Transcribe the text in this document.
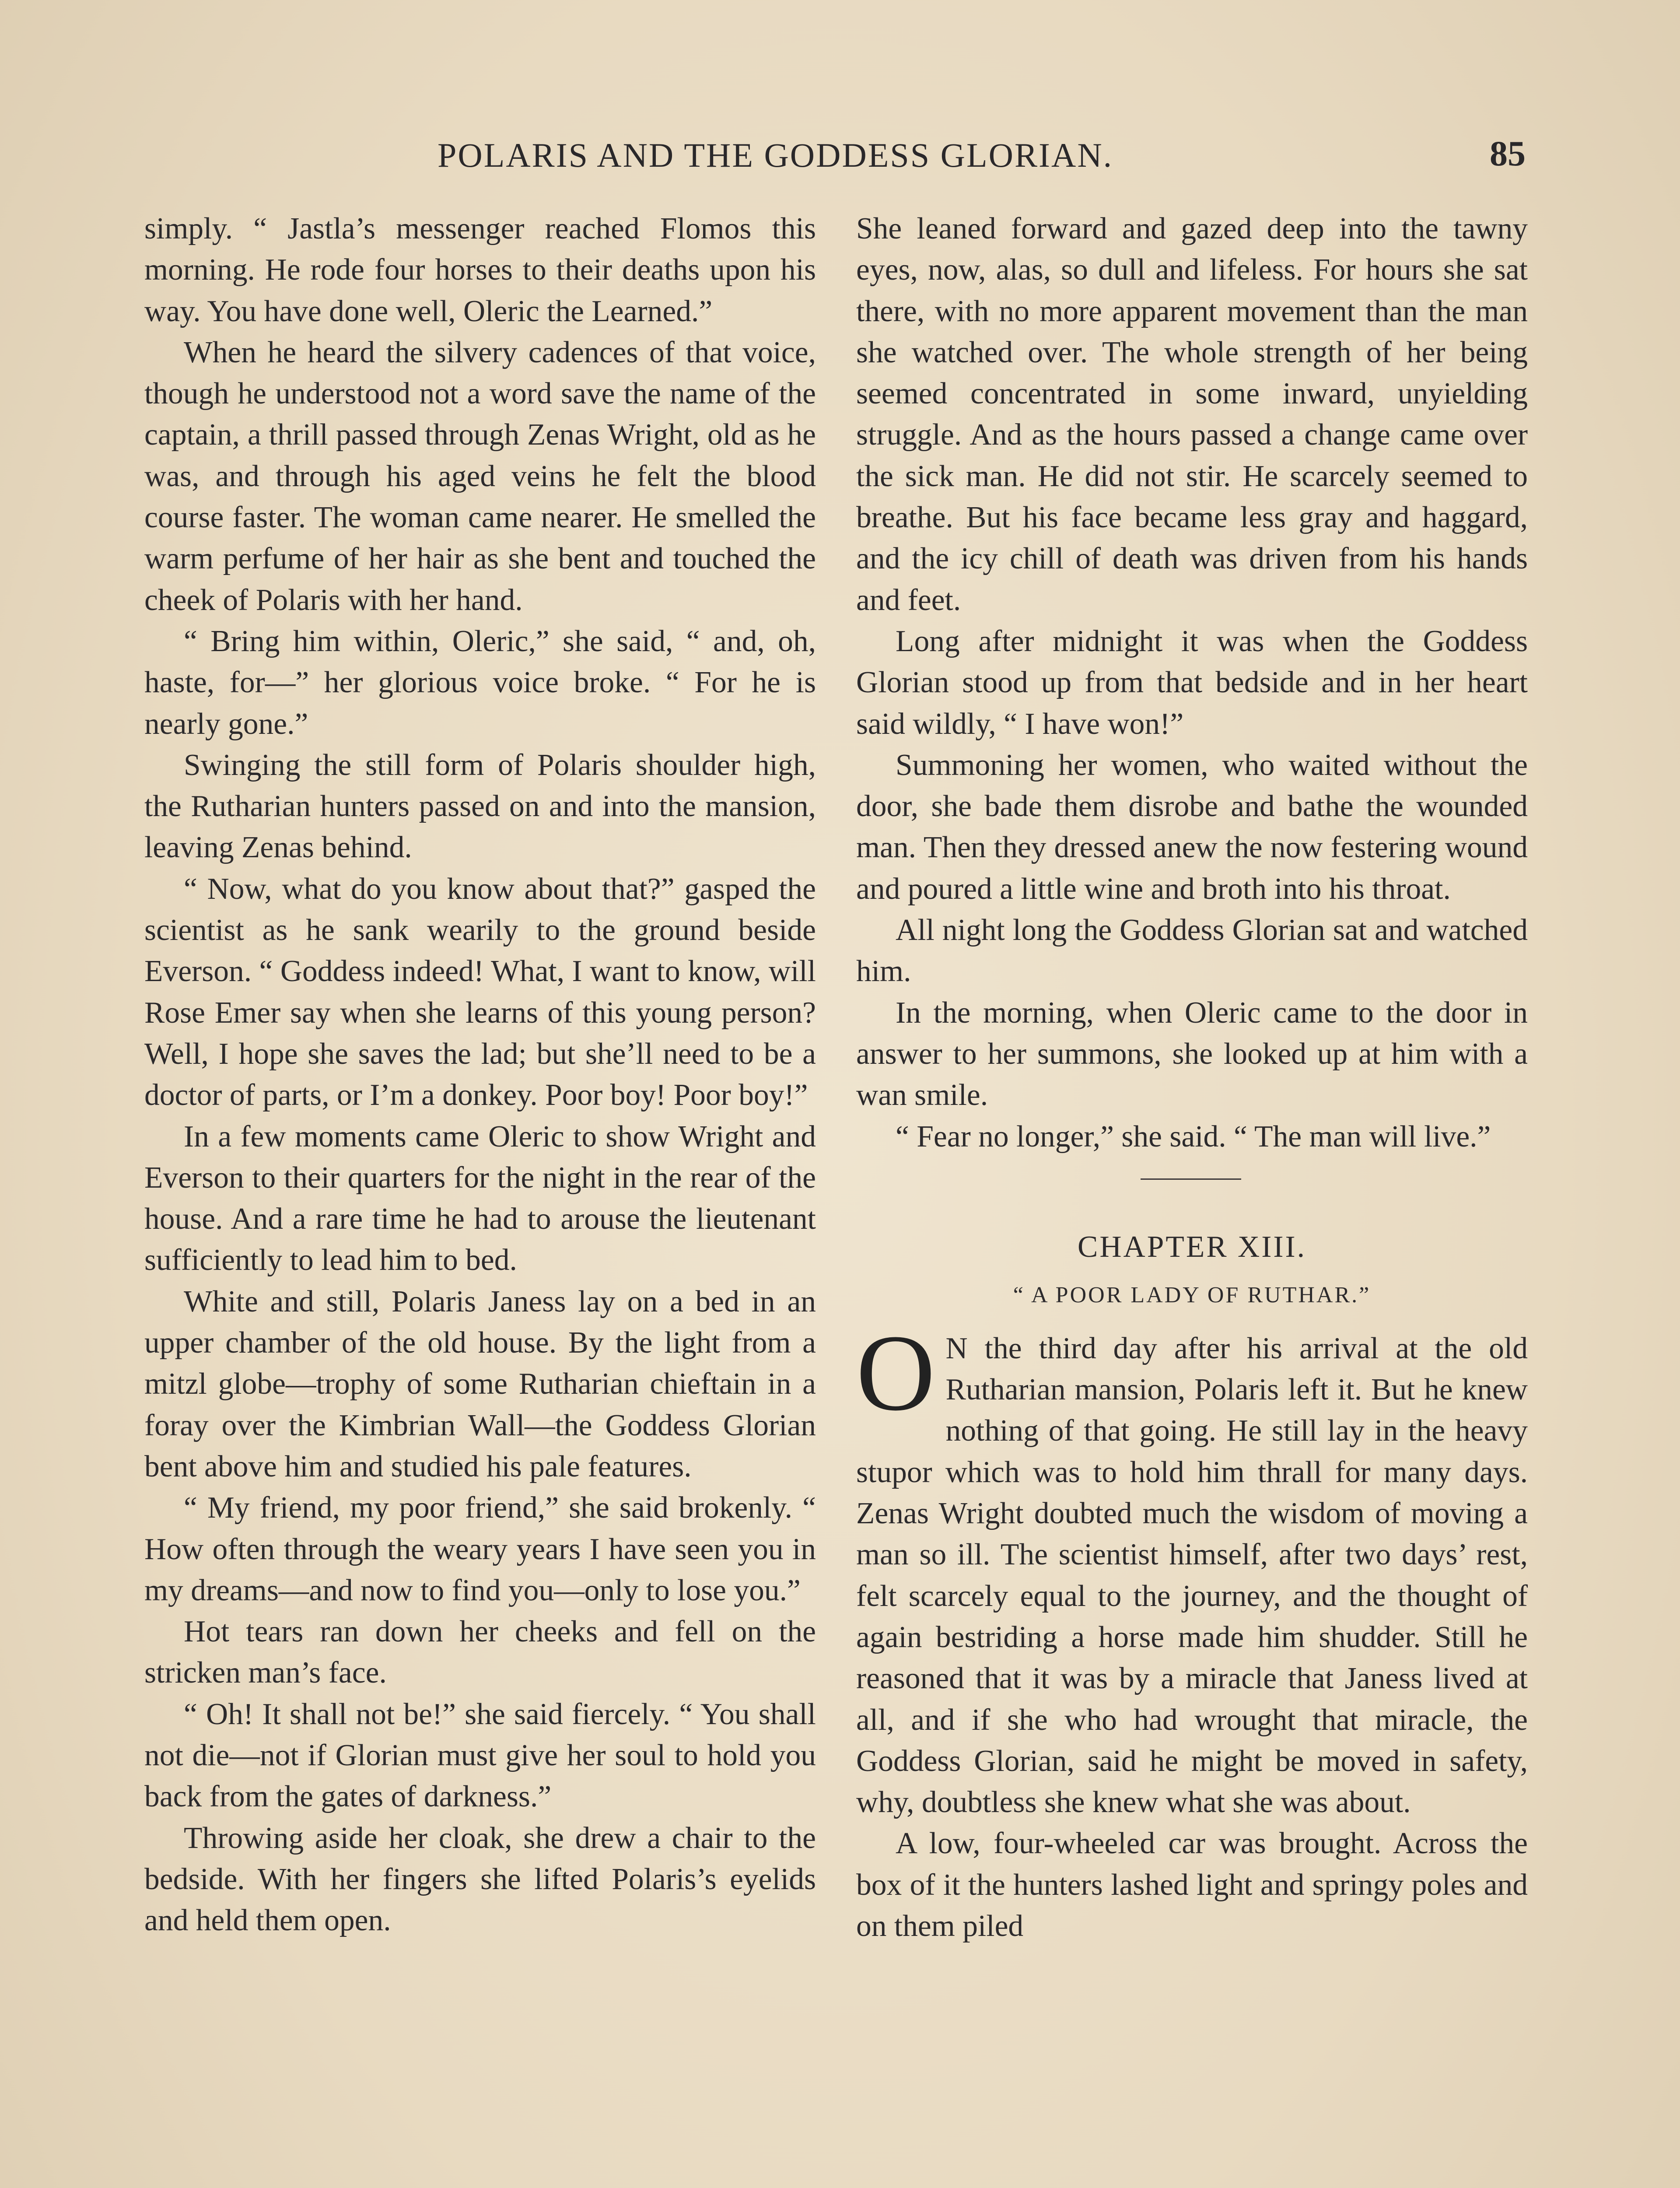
POLARIS AND THE GODDESS GLORIAN.	85

simply. “ Jastla’s messenger reached Flomos this morning. He rode four horses to their deaths upon his way. You have done well, Oleric the Learned.”

When he heard the silvery cadences of that voice, though he understood not a word save the name of the captain, a thrill passed through Zenas Wright, old as he was, and through his aged veins he felt the blood course faster. The woman came nearer. He smelled the warm perfume of her hair as she bent and touched the cheek of Polaris with her hand.

“ Bring him within, Oleric,” she said, “ and, oh, haste, for—” her glorious voice broke. “ For he is nearly gone.”

Swinging the still form of Polaris shoulder high, the Rutharian hunters passed on and into the mansion, leaving Zenas behind.

“ Now, what do you know about that?” gasped the scientist as he sank wearily to the ground beside Everson. “ Goddess indeed! What, I want to know, will Rose Emer say when she learns of this young person? Well, I hope she saves the lad; but she’ll need to be a doctor of parts, or I’m a donkey. Poor boy! Poor boy!”

In a few moments came Oleric to show Wright and Everson to their quarters for the night in the rear of the house. And a rare time he had to arouse the lieutenant sufficiently to lead him to bed.

White and still, Polaris Janess lay on a bed in an upper chamber of the old house. By the light from a mitzl globe—trophy of some Rutharian chieftain in a foray over the Kimbrian Wall—the Goddess Glorian bent above him and studied his pale features.

“ My friend, my poor friend,” she said brokenly. “ How often through the weary years I have seen you in my dreams—and now to find you—only to lose you.”

Hot tears ran down her cheeks and fell on the stricken man’s face.

“ Oh! It shall not be!” she said fiercely. “ You shall not die—not if Glorian must give her soul to hold you back from the gates of darkness.”

Throwing aside her cloak, she drew a chair to the bedside. With her fingers she lifted Polaris’s eyelids and held them open.

She leaned forward and gazed deep into the tawny eyes, now, alas, so dull and lifeless. For hours she sat there, with no more apparent movement than the man she watched over. The whole strength of her being seemed concentrated in some inward, unyielding struggle. And as the hours passed a change came over the sick man. He did not stir. He scarcely seemed to breathe. But his face became less gray and haggard, and the icy chill of death was driven from his hands and feet.

Long after midnight it was when the Goddess Glorian stood up from that bedside and in her heart said wildly, “ I have won!”

Summoning her women, who waited without the door, she bade them disrobe and bathe the wounded man. Then they dressed anew the now festering wound and poured a little wine and broth into his throat.

All night long the Goddess Glorian sat and watched him.

In the morning, when Oleric came to the door in answer to her summons, she looked up at him with a wan smile.

“ Fear no longer,” she said. “ The man will live.”

CHAPTER XIII.
“ A POOR LADY OF RUTHAR.”

O N the third day after his arrival at the old Rutharian mansion, Polaris left it. But he knew nothing of that going. He still lay in the heavy stupor which was to hold him thrall for many days. Zenas Wright doubted much the wisdom of moving a man so ill. The scientist himself, after two days’ rest, felt scarcely equal to the journey, and the thought of again bestriding a horse made him shudder. Still he reasoned that it was by a miracle that Janess lived at all, and if she who had wrought that miracle, the Goddess Glorian, said he might be moved in safety, why, doubtless she knew what she was about.

A low, four-wheeled car was brought. Across the box of it the hunters lashed light and springy poles and on them piled
